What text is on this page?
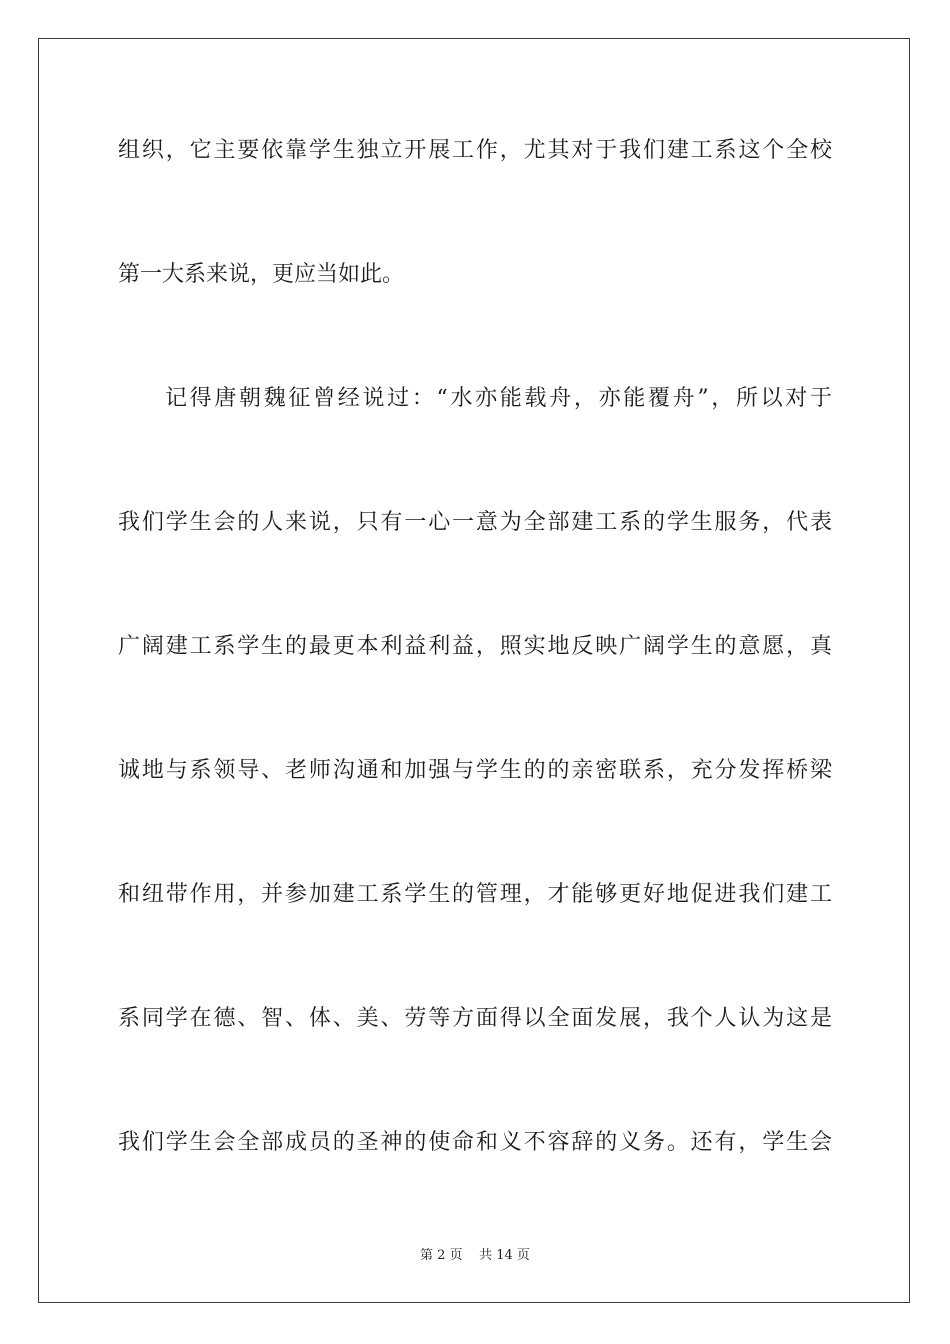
组织，它主要依靠学生独立开展工作，尤其对于我们建工系这个全校
第一大系来说，更应当如此。
记得唐朝魏征曾经说过：“水亦能载舟，亦能覆舟”，所以对于
我们学生会的人来说，只有一心一意为全部建工系的学生服务，代表
广阔建工系学生的最更本利益利益，照实地反映广阔学生的意愿，真
诚地与系领导、老师沟通和加强与学生的的亲密联系，充分发挥桥梁
和纽带作用，并参加建工系学生的管理，才能够更好地促进我们建工
系同学在德、智、体、美、劳等方面得以全面发展，我个人认为这是
我们学生会全部成员的圣神的使命和义不容辞的义务。还有，学生会
第 2 页 共 14 页
